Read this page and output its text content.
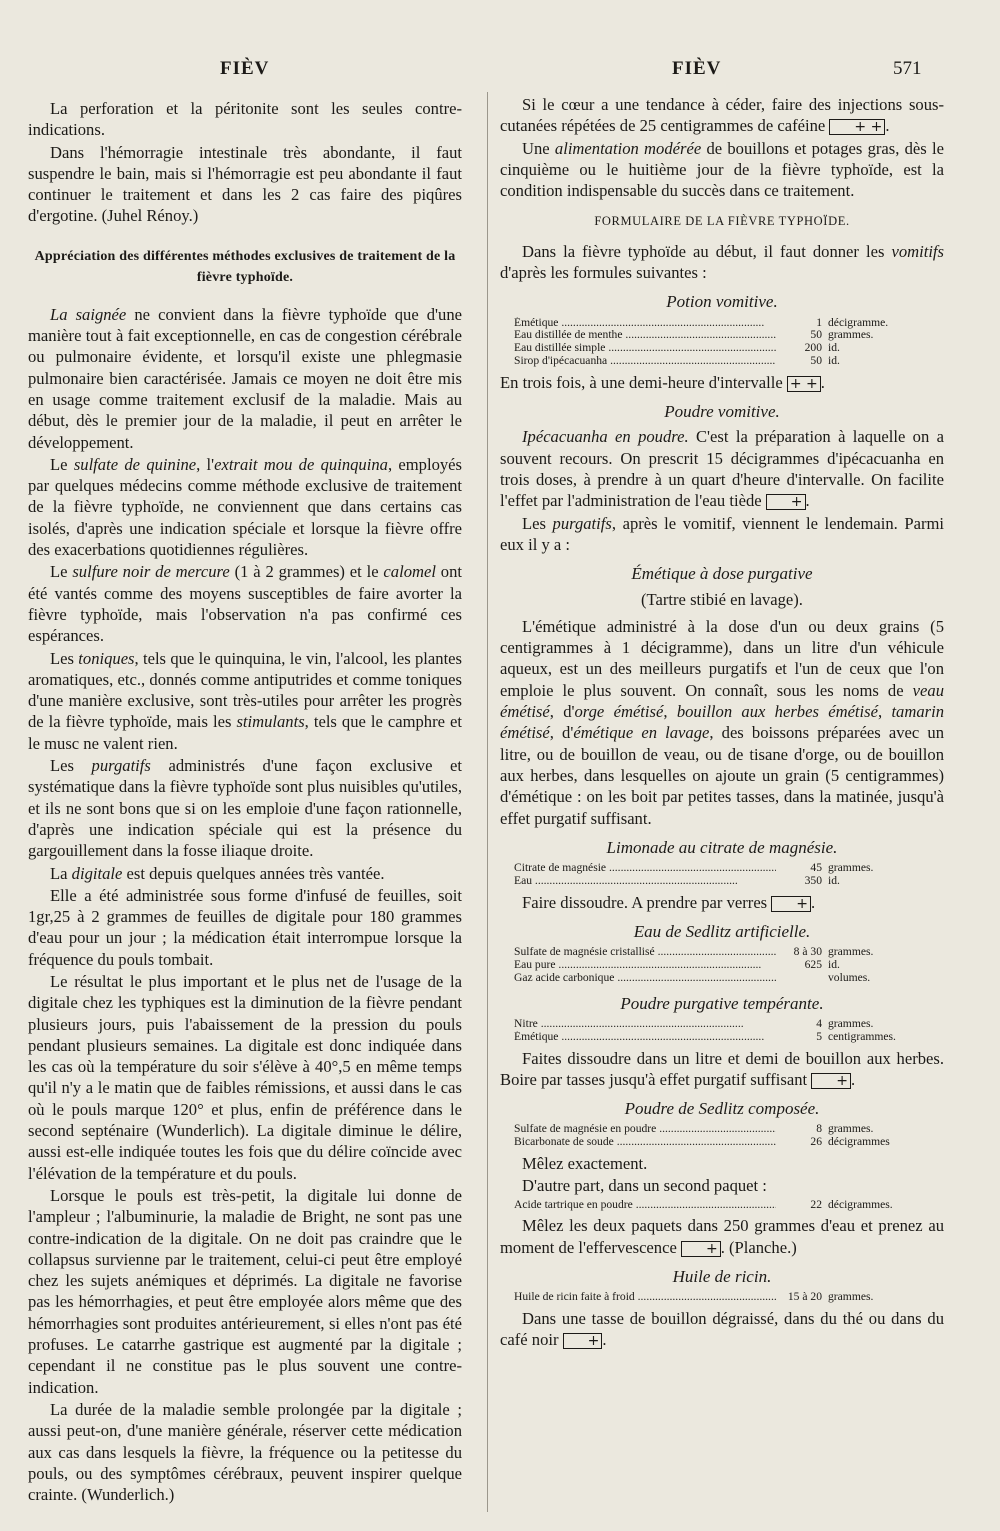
FIÈV	FIÈV	571

La perforation et la péritonite sont les seules contre-indications.

Dans l'hémorragie intestinale très abondante, il faut suspendre le bain, mais si l'hémorragie est peu abondante il faut continuer le traitement et dans les 2 cas faire des piqûres d'ergotine. (Juhel Rénoy.)

Appréciation des différentes méthodes exclusives de traitement de la fièvre typhoïde.

La saignée ne convient dans la fièvre typhoïde que d'une manière tout à fait exceptionnelle, en cas de congestion cérébrale ou pulmonaire évidente, et lorsqu'il existe une phlegmasie pulmonaire bien caractérisée. Jamais ce moyen ne doit être mis en usage comme traitement exclusif de la maladie. Mais au début, dès le premier jour de la maladie, il peut en arrêter le développement.

Le sulfate de quinine, l'extrait mou de quinquina, employés par quelques médecins comme méthode exclusive de traitement de la fièvre typhoïde, ne conviennent que dans certains cas isolés, d'après une indication spéciale et lorsque la fièvre offre des exacerbations quotidiennes régulières.

Le sulfure noir de mercure (1 à 2 grammes) et le calomel ont été vantés comme des moyens susceptibles de faire avorter la fièvre typhoïde, mais l'observation n'a pas confirmé ces espérances.

Les toniques, tels que le quinquina, le vin, l'alcool, les plantes aromatiques, etc., donnés comme antiputrides et comme toniques d'une manière exclusive, sont très-utiles pour arrêter les progrès de la fièvre typhoïde, mais les stimulants, tels que le camphre et le musc ne valent rien.

Les purgatifs administrés d'une façon exclusive et systématique dans la fièvre typhoïde sont plus nuisibles qu'utiles, et ils ne sont bons que si on les emploie d'une façon rationnelle, d'après une indication spéciale qui est la présence du gargouillement dans la fosse iliaque droite.

La digitale est depuis quelques années très vantée.

Elle a été administrée sous forme d'infusé de feuilles, soit 1gr,25 à 2 grammes de feuilles de digitale pour 180 grammes d'eau pour un jour ; la médication était interrompue lorsque la fréquence du pouls tombait.

Le résultat le plus important et le plus net de l'usage de la digitale chez les typhiques est la diminution de la fièvre pendant plusieurs jours, puis l'abaissement de la pression du pouls pendant plusieurs semaines. La digitale est donc indiquée dans les cas où la température du soir s'élève à 40°,5 en même temps qu'il n'y a le matin que de faibles rémissions, et aussi dans le cas où le pouls marque 120° et plus, enfin de préférence dans le second septénaire (Wunderlich). La digitale diminue le délire, aussi est-elle indiquée toutes les fois que du délire coïncide avec l'élévation de la température et du pouls.

Lorsque le pouls est très-petit, la digitale lui donne de l'ampleur ; l'albuminurie, la maladie de Bright, ne sont pas une contre-indication de la digitale. On ne doit pas craindre que le collapsus survienne par le traitement, celui-ci peut être employé chez les sujets anémiques et déprimés. La digitale ne favorise pas les hémorrhagies, et peut être employée alors même que des hémorrhagies sont produites antérieurement, si elles n'ont pas été profuses. Le catarrhe gastrique est augmenté par la digitale ; cependant il ne constitue pas le plus souvent une contre-indication.

La durée de la maladie semble prolongée par la digitale ; aussi peut-on, d'une manière générale, réserver cette médication aux cas dans lesquels la fièvre, la fréquence ou la petitesse du pouls, ou des symptômes cérébraux, peuvent inspirer quelque crainte. (Wunderlich.)

Si le cœur a une tendance à céder, faire des injections sous-cutanées répétées de 25 centigrammes de caféine + + .

Une alimentation modérée de bouillons et potages gras, dès le cinquième ou le huitième jour de la fièvre typhoïde, est la condition indispensable du succès dans ce traitement.

FORMULAIRE DE LA FIÈVRE TYPHOÏDE.

Dans la fièvre typhoïde au début, il faut donner les vomitifs d'après les formules suivantes :

Potion vomitive.
Émétique .....	1 décigramme.
Eau distillée de menthe .....	50 grammes.
Eau distillée simple .....	200 id.
Sirop d'ipécacuanha .....	50 id.

En trois fois, à une demi-heure d'intervalle + + .

Poudre vomitive.

Ipécacuanha en poudre. C'est la préparation à laquelle on a souvent recours. On prescrit 15 décigrammes d'ipécacuanha en trois doses, à prendre à un quart d'heure d'intervalle. On facilite l'effet par l'administration de l'eau tiède + .

Les purgatifs, après le vomitif, viennent le lendemain. Parmi eux il y a :

Émétique à dose purgative
(Tartre stibié en lavage).

L'émétique administré à la dose d'un ou deux grains (5 centigrammes à 1 décigramme), dans un litre d'un véhicule aqueux, est un des meilleurs purgatifs et l'un de ceux que l'on emploie le plus souvent. On connaît, sous les noms de veau émétisé, d'orge émétisé, bouillon aux herbes émétisé, tamarin émétisé, d'émétique en lavage, des boissons préparées avec un litre, ou de bouillon de veau, ou de tisane d'orge, ou de bouillon aux herbes, dans lesquelles on ajoute un grain (5 centigrammes) d'émétique : on les boit par petites tasses, dans la matinée, jusqu'à effet purgatif suffisant.

Limonade au citrate de magnésie.
Citrate de magnésie .....	45 grammes.
Eau .....	350 id.

Faire dissoudre. A prendre par verres + .

Eau de Sedlitz artificielle.
Sulfate de magnésie cristallisé .....	8 à 30 grammes.
Eau pure .....	625 id.
Gaz acide carbonique .....	volumes.
Poudre purgative tempérante.
Nitre .....	4 grammes.
Émétique .....	5 centigrammes.

Faites dissoudre dans un litre et demi de bouillon aux herbes. Boire par tasses jusqu'à effet purgatif suffisant + .

Poudre de Sedlitz composée.
Sulfate de magnésie en poudre .....	8 grammes.
Bicarbonate de soude .....	26 décigrammes

Mêlez exactement.

D'autre part, dans un second paquet :

Acide tartrique en poudre .....	22 décigrammes.

Mêlez les deux paquets dans 250 grammes d'eau et prenez au moment de l'effervescence + . (Planche.)

Huile de ricin.
Huile de ricin faite à froid .....	15 à 20 grammes.

Dans une tasse de bouillon dégraissé, dans du thé ou dans du café noir + .
